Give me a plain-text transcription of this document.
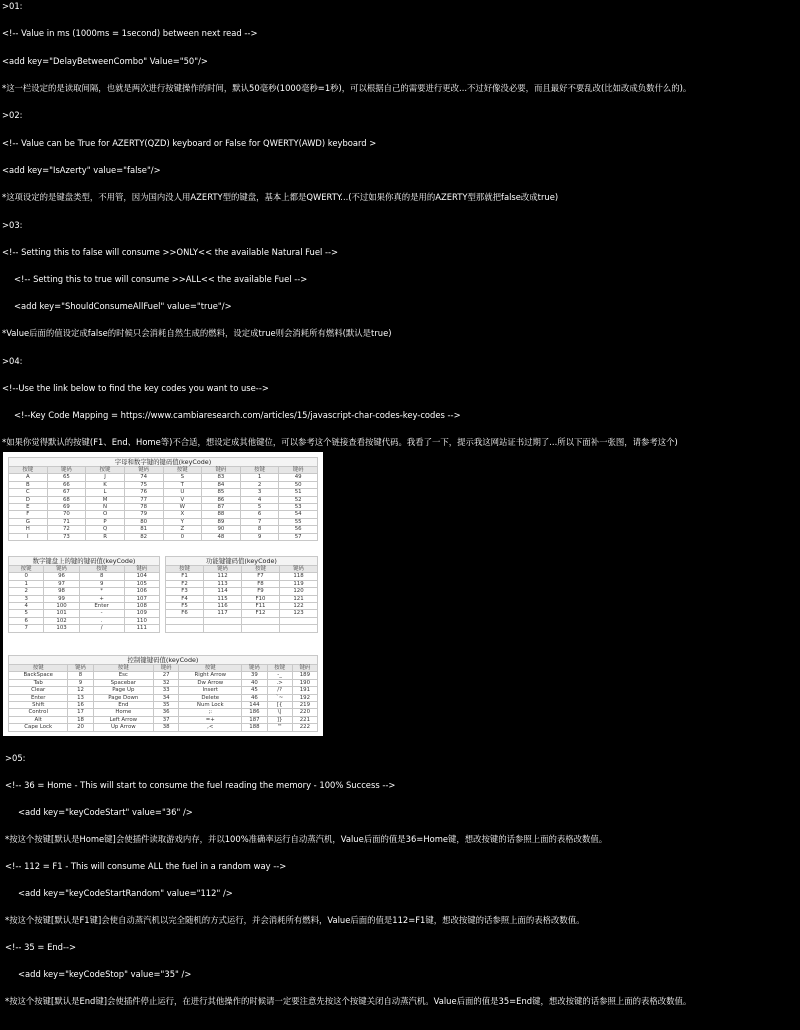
>01:
<!-- Value in ms (1000ms = 1second) between next read -->
<add key="DelayBetweenCombo" Value="50"/>
*这一栏设定的是读取间隔，也就是两次进行按键操作的时间，默认50毫秒(1000毫秒=1秒)，可以根据自己的需要进行更改...不过好像没必要，而且最好不要乱改(比如改成负数什么的)。
>02:
<!-- Value can be True for AZERTY(QZD) keyboard or False for QWERTY(AWD) keyboard >
<add key="IsAzerty" value="false"/>
*这项设定的是键盘类型，不用管，因为国内没人用AZERTY型的键盘，基本上都是QWERTY...(不过如果你真的是用的AZERTY型那就把false改成true)
>03:
<!-- Setting this to false will consume >>ONLY<< the available Natural Fuel -->
<!-- Setting this to true will consume >>ALL<< the available Fuel -->
<add key="ShouldConsumeAllFuel" value="true"/>
*Value后面的值设定成false的时候只会消耗自然生成的燃料，设定成true则会消耗所有燃料(默认是true)
>04:
<!--Use the link below to find the key codes you want to use-->
<!--Key Code Mapping = https://www.cambiaresearch.com/articles/15/javascript-char-codes-key-codes -->
*如果你觉得默认的按键(F1、End、Home等)不合适，想设定成其他键位，可以参考这个链接查看按键代码。我看了一下，提示我这网站证书过期了...所以下面补一张图，请参考这个)
字母和数字键的键码值(keyCode)							
按键	键码	按键	键码	按键	键码	按键	键码
A	65	J	74	S	83	1	49
B	66	K	75	T	84	2	50
C	67	L	76	U	85	3	51
D	68	M	77	V	86	4	52
E	69	N	78	W	87	5	53
F	70	O	79	X	88	6	54
G	71	P	80	Y	89	7	55
H	72	Q	81	Z	90	8	56
I	73	R	82	0	48	9	57
数字键盘上的键的键码值(keyCode)			
按键	键码	按键	键码
0	96	8	104
1	97	9	105
2	98	*	106
3	99	+	107
4	100	Enter	108
5	101	-	109
6	102	.	110
7	103	/	111
功能键键码值(keyCode)			
按键	键码	按键	键码
F1	112	F7	118
F2	113	F8	119
F3	114	F9	120
F4	115	F10	121
F5	116	F11	122
F6	117	F12	123

控制键键码值(keyCode)							
按键	键码	按键	键码	按键	键码	按键	键码
BackSpace	8	Esc	27	Right Arrow	39	-_	189
Tab	9	Spacebar	32	Dw Arrow	40	.>	190
Clear	12	Page Up	33	Insert	45	/?	191
Enter	13	Page Down	34	Delete	46	`~	192
Shift	16	End	35	Num Lock	144	[{	219
Control	17	Home	36	;:	186	\|	220
Alt	18	Left Arrow	37	=+	187	]}	221
Cape Lock	20	Up Arrow	38	,<	188	'"	222
>05:
<!-- 36 = Home - This will start to consume the fuel reading the memory - 100% Success -->
<add key="keyCodeStart" value="36" />
*按这个按键[默认是Home键]会使插件读取游戏内存，并以100%准确率运行自动蒸汽机，Value后面的值是36=Home键，想改按键的话参照上面的表格改数值。
<!-- 112 = F1 - This will consume ALL the fuel in a random way -->
<add key="keyCodeStartRandom" value="112" />
*按这个按键[默认是F1键]会使自动蒸汽机以完全随机的方式运行，并会消耗所有燃料，Value后面的值是112=F1键，想改按键的话参照上面的表格改数值。
<!-- 35 = End-->
<add key="keyCodeStop" value="35" />
*按这个按键[默认是End键]会使插件停止运行，在进行其他操作的时候请一定要注意先按这个按键关闭自动蒸汽机。Value后面的值是35=End键，想改按键的话参照上面的表格改数值。
